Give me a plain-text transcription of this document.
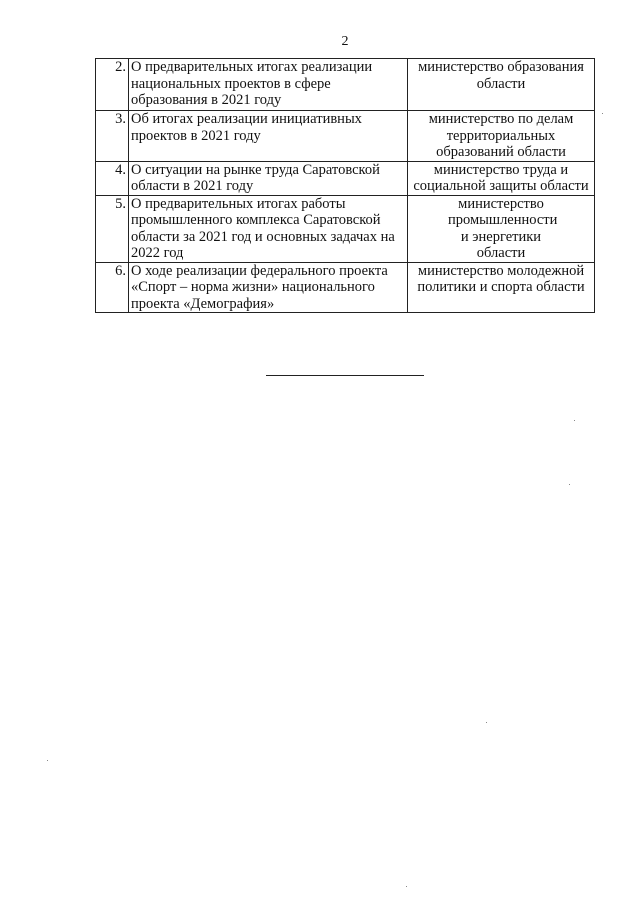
2
2.	О предварительных итогах реализации национальных проектов в сфере образования в 2021 году	министерство образования области
3.	Об итогах реализации инициативных проектов в 2021 году	министерство по делам территориальных образований области
4.	О ситуации на рынке труда Саратовской области в 2021 году	министерство труда и социальной защиты области
5.	О предварительных итогах работы промышленного комплекса Саратовской области за 2021 год и основных задачах на 2022 год	министерство промышленности и энергетики области
6.	О ходе реализации федерального проекта «Спорт – норма жизни» национального проекта «Демография»	министерство молодежной политики и спорта области
